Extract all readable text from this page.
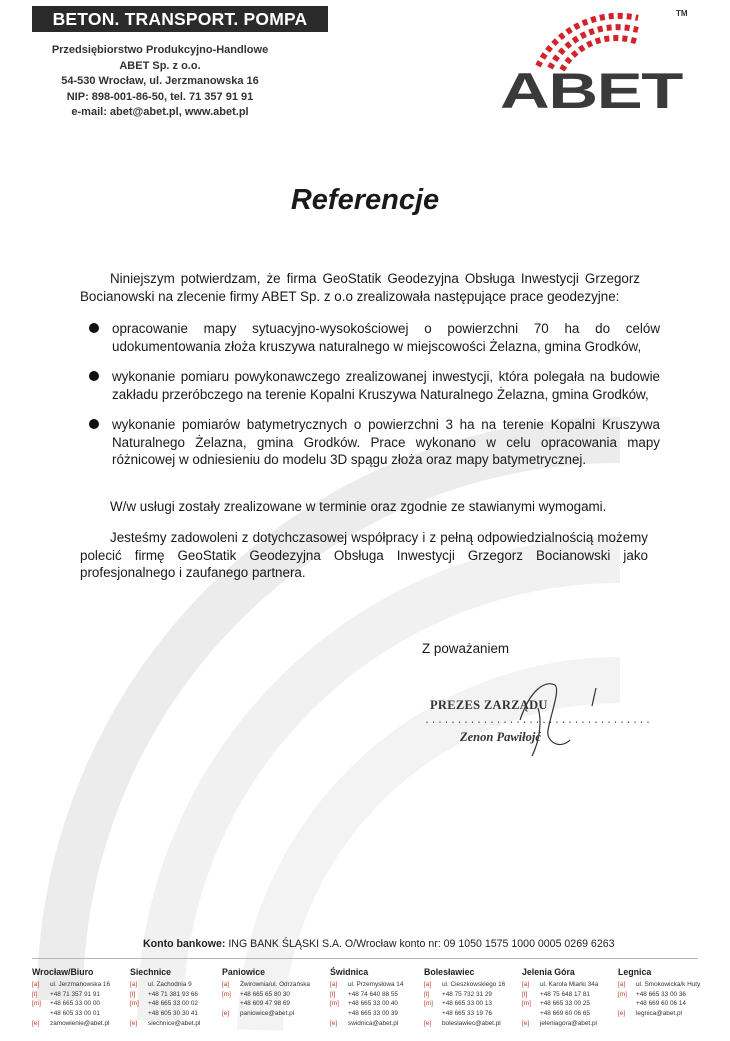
BETON. TRANSPORT. POMPA
Przedsiębiorstwo Produkcyjno-Handlowe
ABET Sp. z o.o.
54-530 Wrocław, ul. Jerzmanowska 16
NIP: 898-001-86-50, tel. 71 357 91 91
e-mail: abet@abet.pl, www.abet.pl
TM
ABET
Referencje

Niniejszym potwierdzam, że firma GeoStatik Geodezyjna Obsługa Inwestycji Grzegorz Bocianowski na zlecenie firmy ABET Sp. z o.o zrealizowała następujące prace geodezyjne:

opracowanie mapy sytuacyjno-wysokościowej o powierzchni 70 ha do celów udokumentowania złoża kruszywa naturalnego w miejscowości Żelazna, gmina Grodków,
wykonanie pomiaru powykonawczego zrealizowanej inwestycji, która polegała na budowie zakładu przeróbczego na terenie Kopalni Kruszywa Naturalnego Żelazna, gmina Grodków,
wykonanie pomiarów batymetrycznych o powierzchni 3 ha na terenie Kopalni Kruszywa Naturalnego Żelazna, gmina Grodków. Prace wykonano w celu opracowania mapy różnicowej w odniesieniu do modelu 3D spągu złoża oraz mapy batymetrycznej.

W/w usługi zostały zrealizowane w terminie oraz zgodnie ze stawianymi wymogami.

Jesteśmy zadowoleni z dotychczasowej współpracy i z pełną odpowiedzialnością możemy polecić firmę GeoStatik Geodezyjna Obsługa Inwestycji Grzegorz Bocianowski jako profesjonalnego i zaufanego partnera.

Z poważaniem
PREZES ZARZĄDU
...................................
Zenon Pawiłojć
Konto bankowe: ING BANK ŚLĄSKI S.A. O/Wrocław konto nr: 09 1050 1575 1000 0005 0269 6263
Wrocław/Biuro
[a]	ul. Jerzmanowska 16
[t]	+48 71 357 91 91
[m]	+48 665 33 00 00
+48 605 33 00 01
[e]	zamowienie@abet.pl
Siechnice
[a]	ul. Zachodnia 9
[t]	+48 71 381 93 66
[m]	+48 665 33 00 02
+48 605 30 30 41
[e]	siechnice@abet.pl
Paniowice
[a]	Żwirownia/ul. Odrzańska
[m]	+48 665 65 80 30
+48 609 47 98 69
[e]	paniowice@abet.pl
Świdnica
[a]	ul. Przemysłowa 14
[t]	+48 74 640 88 55
[m]	+48 665 33 00 40
+48 665 33 00 39
[e]	swidnica@abet.pl
Bolesławiec
[a]	ul. Cieszkowskiego 16
[t]	+48 75 732 31 29
[m]	+48 665 33 00 13
+48 665 33 19 76
[e]	boleslawiec@abet.pl
Jelenia Góra
[a]	ul. Karola Miarki 34a
[t]	+48 75 648 17 81
[m]	+48 665 33 00 25
+48 669 60 06 65
[e]	jeleniagora@abet.pl
Legnica
[a]	ul. Smokowicka/k Huty
[m]	+48 665 33 00 36
+48 669 60 06 14
[e]	legnica@abet.pl
